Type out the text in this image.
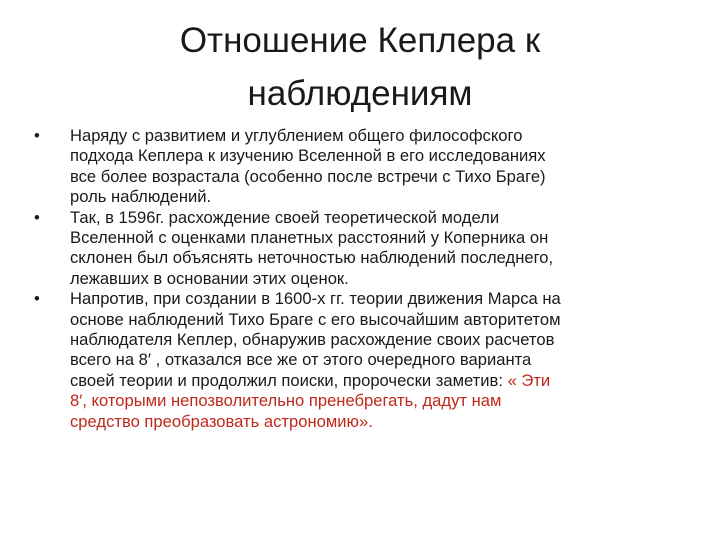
Отношение Кеплера к
наблюдениям
•	Наряду с развитием и углублением общего философского
подхода Кеплера к изучению Вселенной в его исследованиях
все более возрастала (особенно после встречи с Тихо Браге)
роль наблюдений.
•	Так, в 1596г. расхождение своей теоретической модели
Вселенной с оценками планетных расстояний у Коперника он
склонен был объяснять неточностью наблюдений последнего,
лежавших в основании этих оценок.
•	Напротив, при создании в 1600-х гг. теории движения Марса на
основе наблюдений Тихо Браге с его высочайшим авторитетом
наблюдателя Кеплер, обнаружив расхождение своих расчетов
всего на 8′ , отказался все же от этого очередного варианта
своей теории и продолжил поиски, пророчески заметив: « Эти
8′, которыми непозволительно пренебрегать, дадут нам
средство преобразовать астрономию».
